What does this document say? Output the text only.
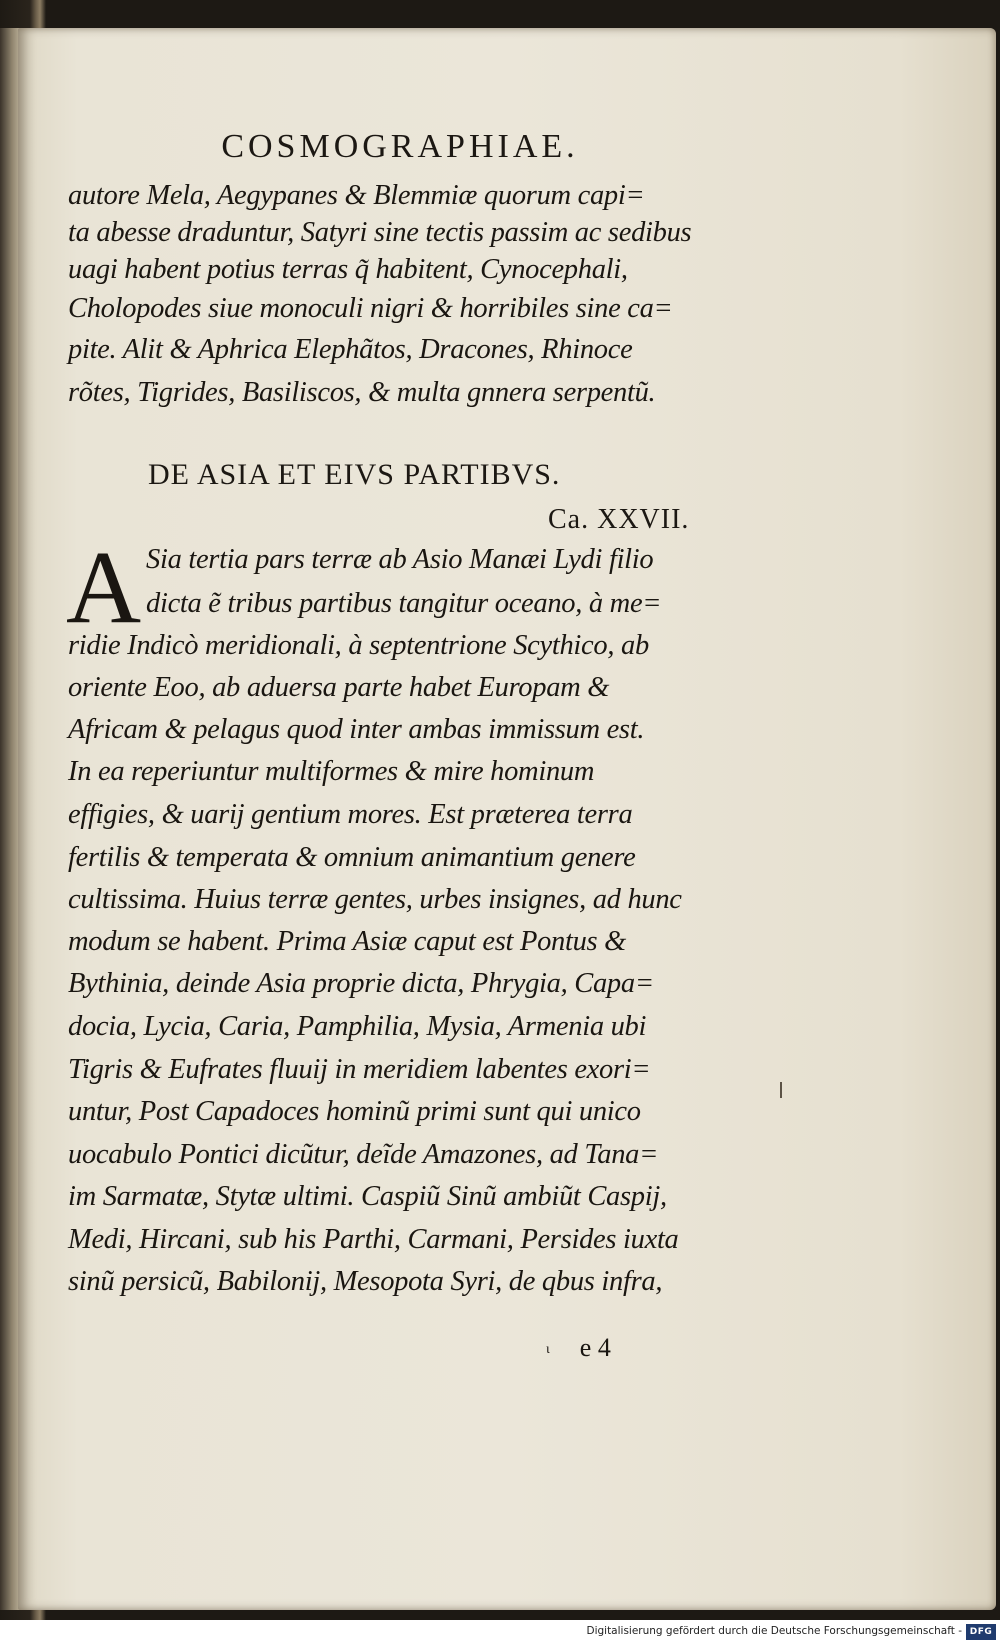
COSMOGRAPHIAE.
autore Mela, Aegypanes & Blemmiæ quorum capi=
ta abesse draduntur, Satyri sine tectis passim ac sedibus
uagi habent potius terras q̃ habitent, Cynocephali,
Cholopodes siue monoculi nigri & horribiles sine ca=
pite. Alit & Aphrica Elephãtos, Dracones, Rhinoce
rõtes, Tigrides, Basiliscos, & multa gnnera serpentũ.
DE ASIA ET EIVS PARTIBVS.
Ca. XXVII.
A Sia tertia pars terræ ab Asio Manæi Lydi filio
dicta ẽ tribus partibus tangitur oceano, à me=
ridie Indicò meridionali, à septentrione Scythico, ab
oriente Eoo, ab aduersa parte habet Europam &
Africam & pelagus quod inter ambas immissum est.
In ea reperiuntur multiformes & mire hominum
effigies, & uarij gentium mores. Est præterea terra
fertilis & temperata & omnium animantium genere
cultissima. Huius terræ gentes, urbes insignes, ad hunc
modum se habent. Prima Asiæ caput est Pontus &
Bythinia, deinde Asia proprie dicta, Phrygia, Capa=
docia, Lycia, Caria, Pamphilia, Mysia, Armenia ubi
Tigris & Eufrates fluuij in meridiem labentes exori=
untur, Post Capadoces hominũ primi sunt qui unico
uocabulo Pontici dicũtur, deĩde Amazones, ad Tana=
im Sarmatæ, Stytæ ultimi. Caspiũ Sinũ ambiũt Caspij,
Medi, Hircani, sub his Parthi, Carmani, Persides iuxta
sinũ persicũ, Babilonij, Mesopota Syri, de qbus infra,
ι e 4
Digitalisierung gefördert durch die Deutsche Forschungsgemeinschaft - DFG
